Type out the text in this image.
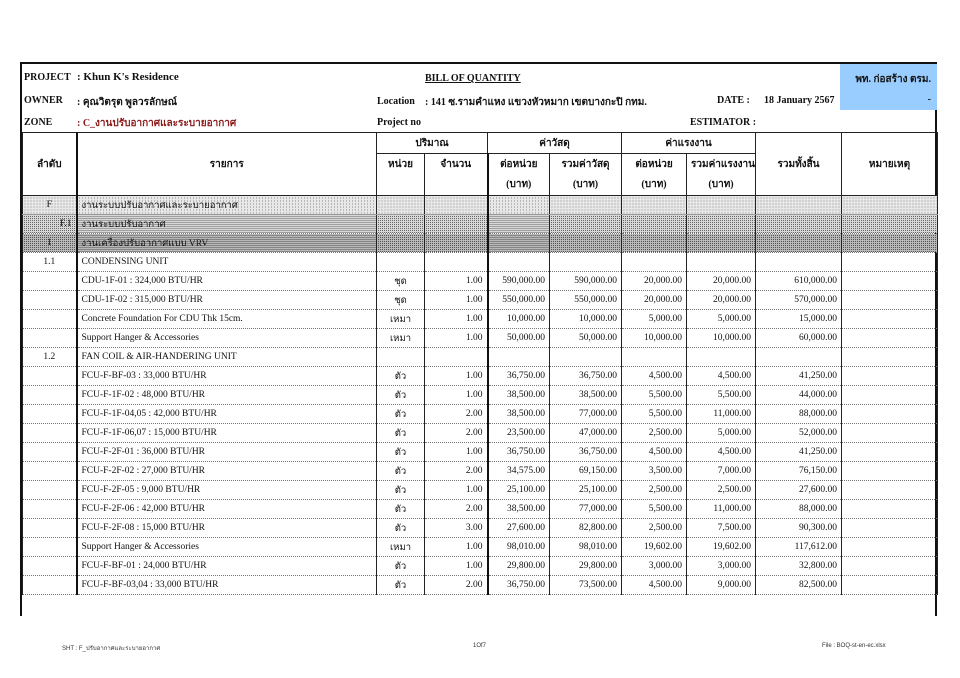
PROJECT : Khun K's Residence	BILL OF QUANTITY
OWNER : คุณวิตรุต พูลวรลักษณ์	Location : 141 ซ.รามคำแหง แขวงหัวหมาก เขตบางกะปิ กทม.	DATE : 18 January 2567
ZONE : C_งานปรับอากาศและระบายอากาศ	Project no	ESTIMATOR :
พท. ก่อสร้าง ตรม.
-
		ปริมาณ		ค่าวัสดุ		ค่าแรงงาน			
ลำดับ	รายการ	หน่วย	จำนวน	ต่อหน่วย	รวมค่าวัสดุ	ต่อหน่วย	รวมค่าแรงงาน	รวมทั้งสิ้น	หมายเหตุ
				(บาท)	(บาท)	(บาท)	(บาท)		
F	งานระบบปรับอากาศและระบายอากาศ								
F.1	งานระบบปรับอากาศ								
1	งานเครื่องปรับอากาศแบบ VRV								
1.1	CONDENSING UNIT								
	CDU-1F-01 : 324,000 BTU/HR	ชุด	1.00	590,000.00	590,000.00	20,000.00	20,000.00	610,000.00	
	CDU-1F-02 : 315,000 BTU/HR	ชุด	1.00	550,000.00	550,000.00	20,000.00	20,000.00	570,000.00	
	Concrete Foundation For CDU Thk 15cm.	เหมา	1.00	10,000.00	10,000.00	5,000.00	5,000.00	15,000.00	
	Support Hanger & Accessories	เหมา	1.00	50,000.00	50,000.00	10,000.00	10,000.00	60,000.00	
1.2	FAN COIL & AIR-HANDERING UNIT								
	FCU-F-BF-03 : 33,000 BTU/HR	ตัว	1.00	36,750.00	36,750.00	4,500.00	4,500.00	41,250.00	
	FCU-F-1F-02 : 48,000 BTU/HR	ตัว	1.00	38,500.00	38,500.00	5,500.00	5,500.00	44,000.00	
	FCU-F-1F-04,05 : 42,000 BTU/HR	ตัว	2.00	38,500.00	77,000.00	5,500.00	11,000.00	88,000.00	
	FCU-F-1F-06,07 : 15,000 BTU/HR	ตัว	2.00	23,500.00	47,000.00	2,500.00	5,000.00	52,000.00	
	FCU-F-2F-01 : 36,000 BTU/HR	ตัว	1.00	36,750.00	36,750.00	4,500.00	4,500.00	41,250.00	
	FCU-F-2F-02 : 27,000 BTU/HR	ตัว	2.00	34,575.00	69,150.00	3,500.00	7,000.00	76,150.00	
	FCU-F-2F-05 : 9,000 BTU/HR	ตัว	1.00	25,100.00	25,100.00	2,500.00	2,500.00	27,600.00	
	FCU-F-2F-06 : 42,000 BTU/HR	ตัว	2.00	38,500.00	77,000.00	5,500.00	11,000.00	88,000.00	
	FCU-F-2F-08 : 15,000 BTU/HR	ตัว	3.00	27,600.00	82,800.00	2,500.00	7,500.00	90,300.00	
	Support Hanger & Accessories	เหมา	1.00	98,010.00	98,010.00	19,602.00	19,602.00	117,612.00	
	FCU-F-BF-01 : 24,000 BTU/HR	ตัว	1.00	29,800.00	29,800.00	3,000.00	3,000.00	32,800.00	
	FCU-F-BF-03,04 : 33,000 BTU/HR	ตัว	2.00	36,750.00	73,500.00	4,500.00	9,000.00	82,500.00	
SHT : F_ปรับอากาศและระบายอากาศ	1Of7	File : BOQ-st-en-ec.xlsx
